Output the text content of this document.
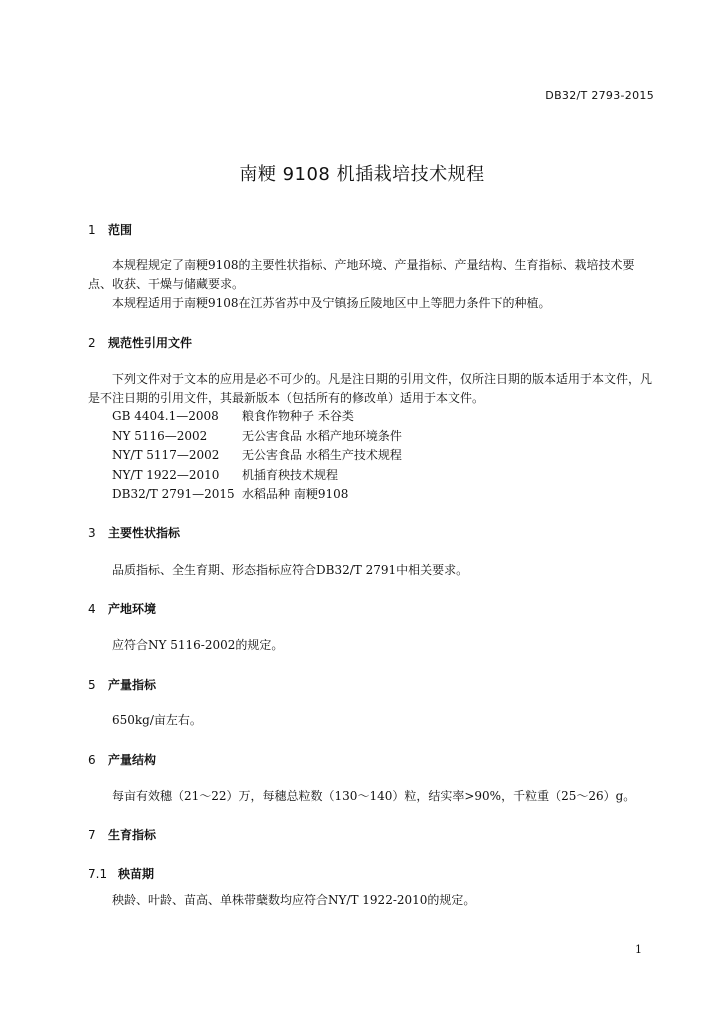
DB32/T 2793-2015
南粳 9108 机插栽培技术规程
1 范围
本规程规定了南粳9108的主要性状指标、产地环境、产量指标、产量结构、生育指标、栽培技术要点、收获、干燥与储藏要求。
本规程适用于南粳9108在江苏省苏中及宁镇扬丘陵地区中上等肥力条件下的种植。
2 规范性引用文件
下列文件对于文本的应用是必不可少的。凡是注日期的引用文件，仅所注日期的版本适用于本文件，凡是不注日期的引用文件，其最新版本（包括所有的修改单）适用于本文件。
GB 4404.1—2008 粮食作物种子 禾谷类
NY 5116—2002	无公害食品 水稻产地环境条件
NY/T 5117—2002 无公害食品 水稻生产技术规程
NY/T 1922—2010 机插育秧技术规程
DB32/T 2791—2015 水稻品种 南粳9108
3 主要性状指标
品质指标、全生育期、形态指标应符合DB32/T 2791中相关要求。
4 产地环境
应符合NY 5116-2002的规定。
5 产量指标
650kg/亩左右。
6 产量结构
每亩有效穗（21～22）万，每穗总粒数（130～140）粒，结实率>90%，千粒重（25～26）g。
7 生育指标
7.1 秧苗期
秧龄、叶龄、苗高、单株带蘖数均应符合NY/T 1922-2010的规定。
1
